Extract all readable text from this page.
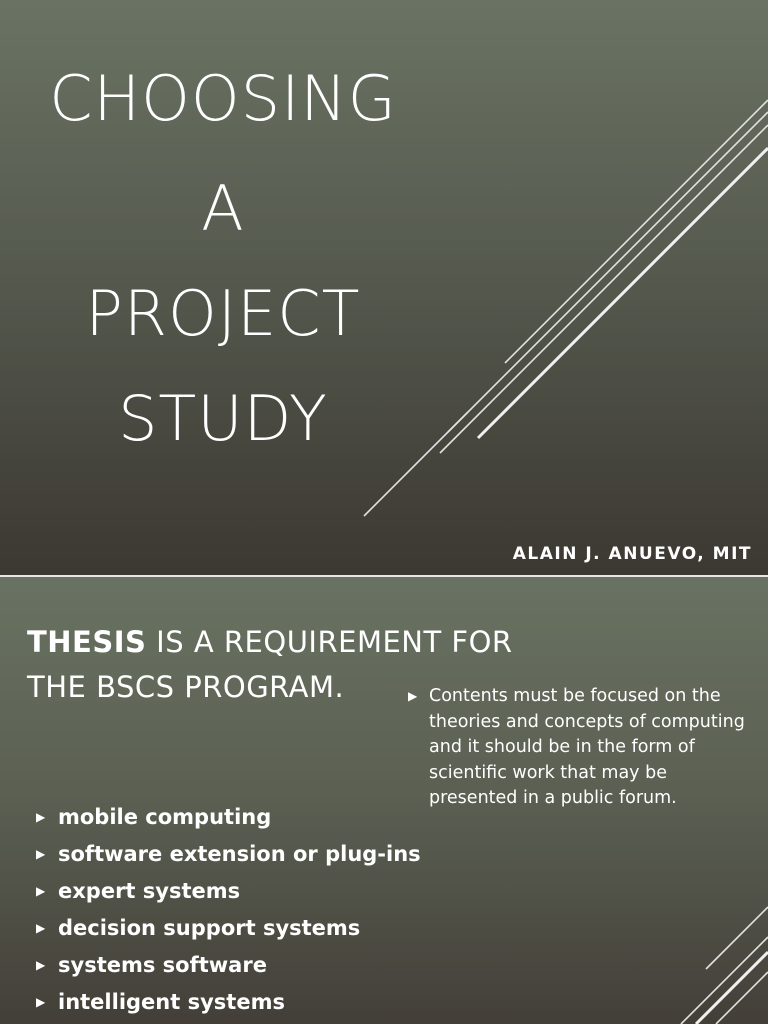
CHOOSING
A
PROJECT
STUDY
ALAIN J. ANUEVO, MIT
THESIS IS A REQUIREMENT FOR
THE BSCS PROGRAM.	▶ Contents must be focused on the theories and concepts of computing and it should be in the form of scientific work that may be presented in a public forum.
▶ mobile computing
▶ software extension or plug-ins
▶ expert systems
▶ decision support systems
▶ systems software
▶ intelligent systems
